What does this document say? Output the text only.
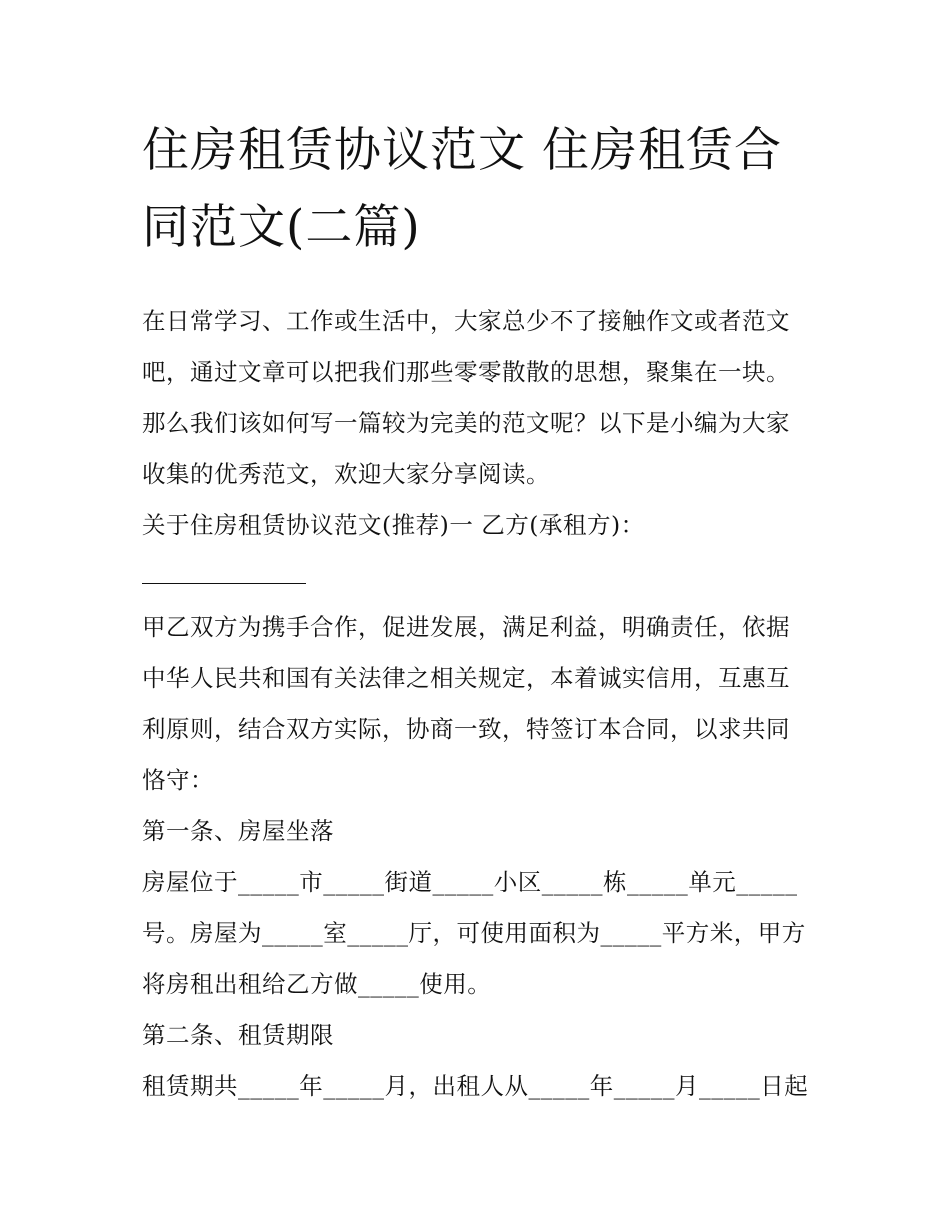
住房租赁协议范文 住房租赁合
同范文(二篇)

在日常学习、工作或生活中，大家总少不了接触作文或者范文
吧，通过文章可以把我们那些零零散散的思想，聚集在一块。
那么我们该如何写一篇较为完美的范文呢？以下是小编为大家
收集的优秀范文，欢迎大家分享阅读。

关于住房租赁协议范文(推荐)一 乙方(承租方)：

甲乙双方为携手合作，促进发展，满足利益，明确责任，依据
中华人民共和国有关法律之相关规定，本着诚实信用，互惠互
利原则，结合双方实际，协商一致，特签订本合同，以求共同
恪守：

第一条、房屋坐落

房屋位于_____市_____街道_____小区_____栋_____单元_____
号。房屋为_____室_____厅，可使用面积为_____平方米，甲方
将房租出租给乙方做_____使用。

第二条、租赁期限

租赁期共_____年_____月，出租人从_____年_____月_____日起
